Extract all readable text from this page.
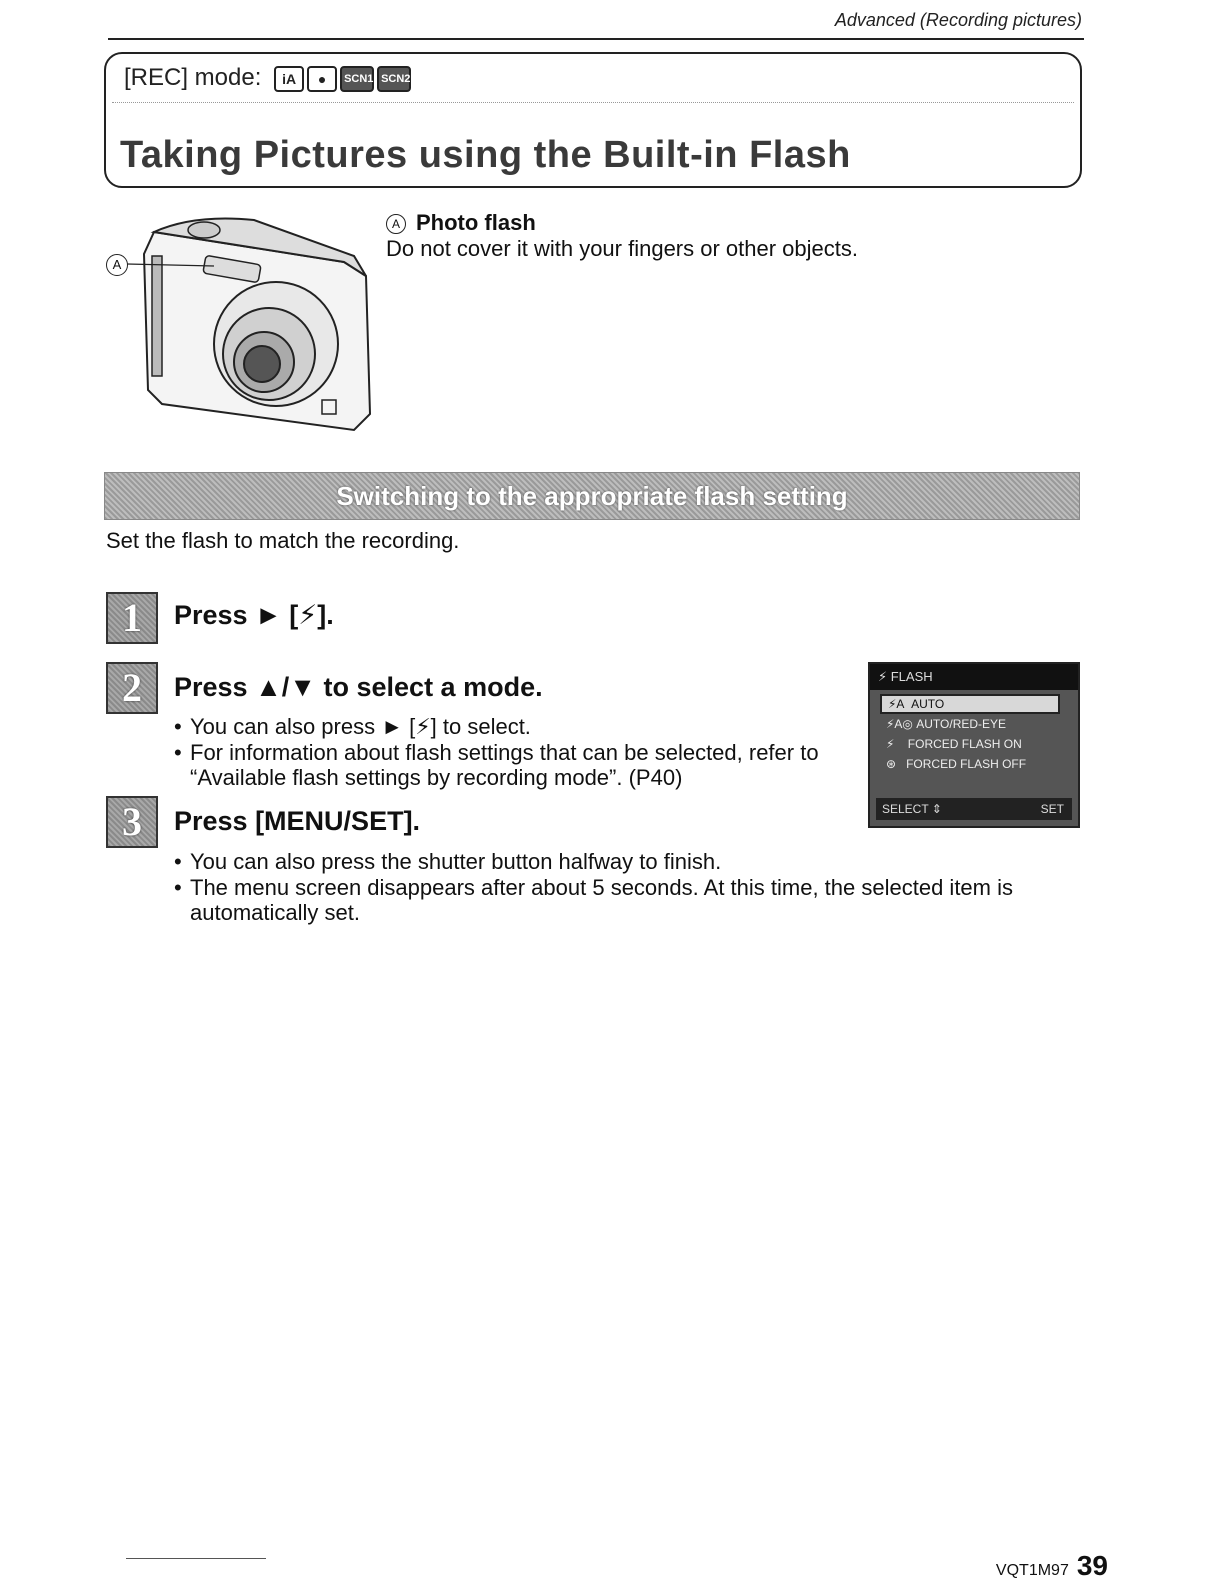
Advanced (Recording pictures)
[REC] mode:	iA	●	SCN1 SCN2
Taking Pictures using the Built-in Flash
A
A Photo flash
Do not cover it with your fingers or other objects.
Switching to the appropriate flash setting
Set the flash to match the recording.
1	Press ► [⚡].
2	Press ▲/▼ to select a mode.
• You can also press ► [⚡] to select.
• For information about flash settings that can be selected, refer to “Available flash settings by recording mode”. (P40)
3	Press [MENU/SET].
• You can also press the shutter button halfway to finish.
• The menu screen disappears after about 5 seconds. At this time, the selected item is automatically set.
⚡ FLASH
⚡A AUTO
⚡A◎ AUTO/RED-EYE
⚡ FORCED FLASH ON
⊛ FORCED FLASH OFF
SELECT ⇕	SET
VQT1M97 39
